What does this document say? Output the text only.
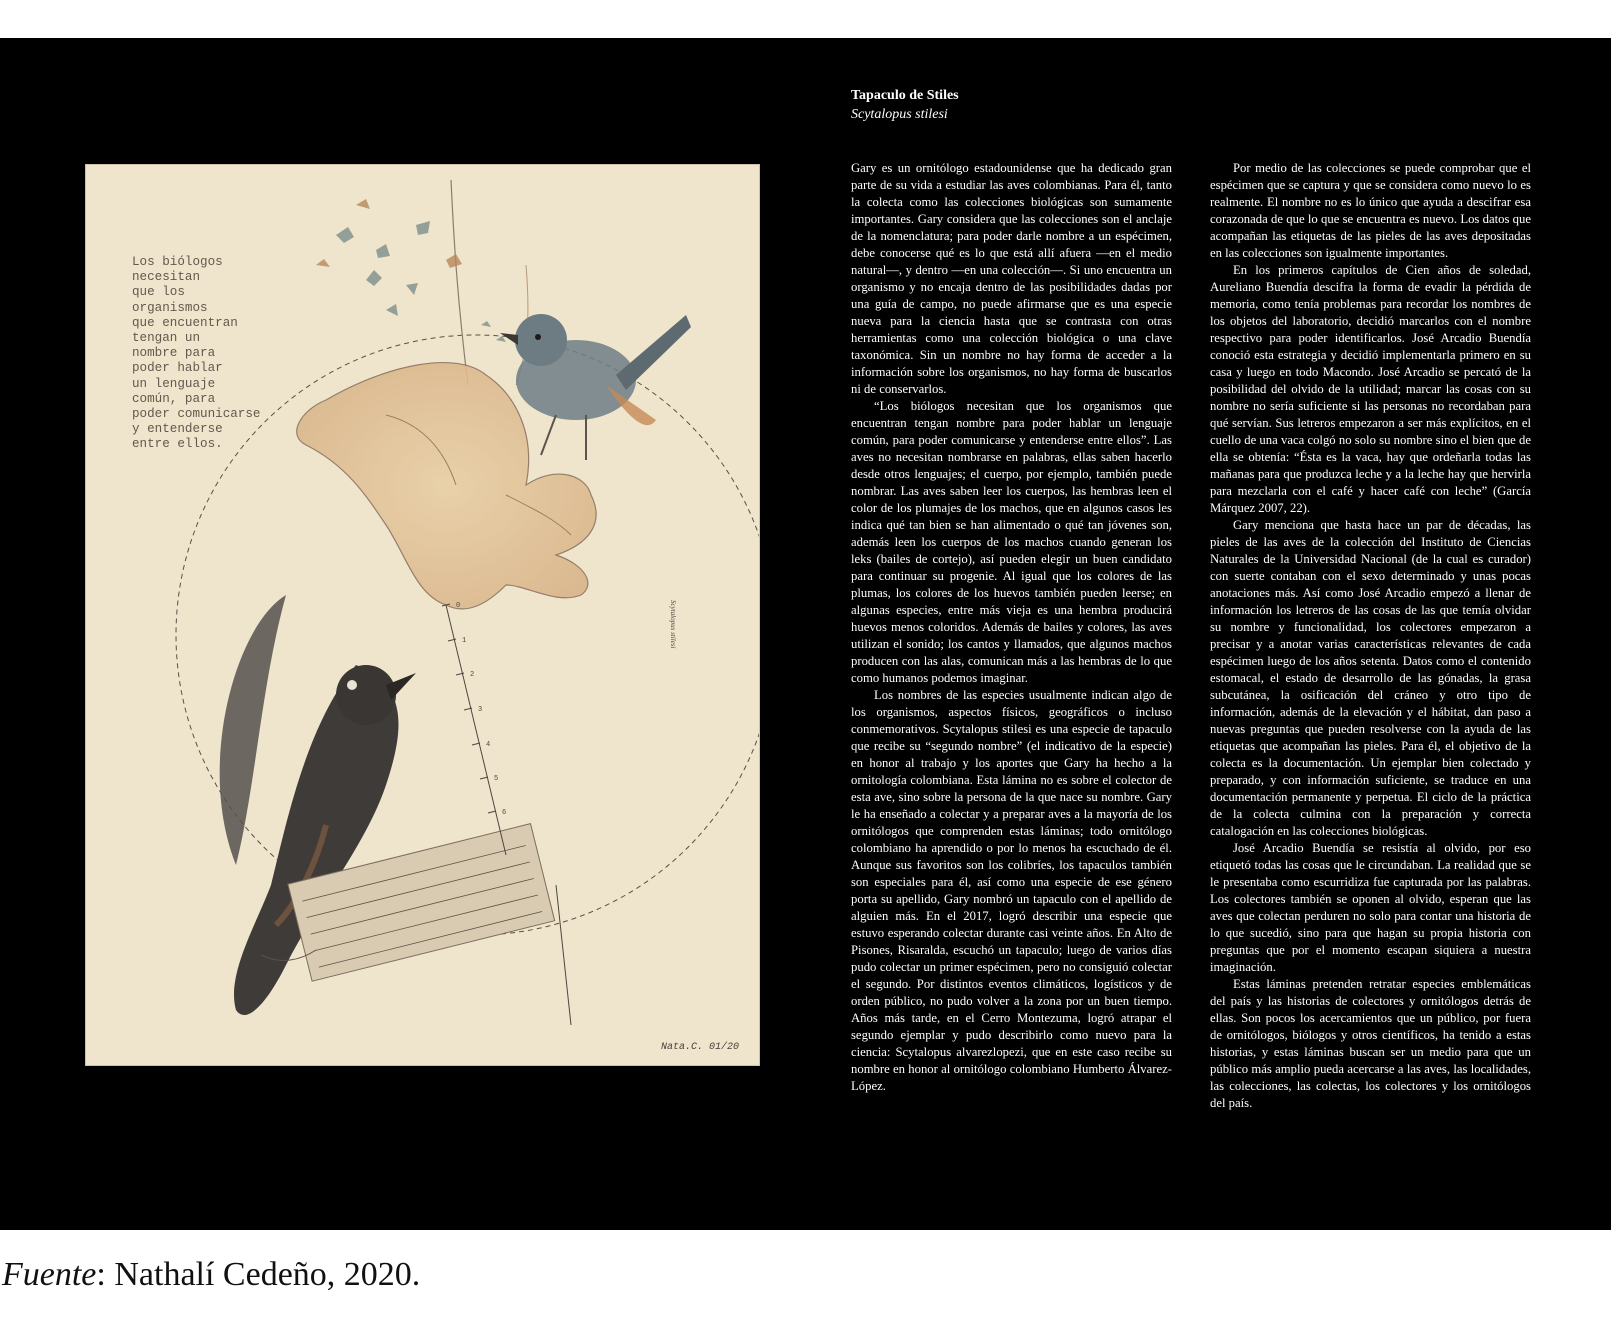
0
1
2
3
4
5
6
Scytalopus stilesi

Los biólogos
necesitan
que los
organismos
que encuentran
tengan un
nombre para
poder hablar
un lenguaje
común, para
poder comunicarse
y entenderse
entre ellos.

Nata.C. 01/20
Tapaculo de Stiles
Scytalopus stilesi

Gary es un ornitólogo estadounidense que ha dedicado gran parte de su vida a estudiar las aves colombianas. Para él, tanto la colecta como las colecciones biológicas son sumamente importantes. Gary considera que las colecciones son el anclaje de la nomenclatura; para poder darle nombre a un espécimen, debe conocerse qué es lo que está allí afuera —en el medio natural—, y dentro —en una colección—. Si uno encuentra un organismo y no encaja dentro de las posibilidades dadas por una guía de campo, no puede afirmarse que es una especie nueva para la ciencia hasta que se contrasta con otras herramientas como una colección biológica o una clave taxonómica. Sin un nombre no hay forma de acceder a la información sobre los organismos, no hay forma de buscarlos ni de conservarlos.

“Los biólogos necesitan que los organismos que encuentran tengan nombre para poder hablar un lenguaje común, para poder comunicarse y entenderse entre ellos”. Las aves no necesitan nombrarse en palabras, ellas saben hacerlo desde otros lenguajes; el cuerpo, por ejemplo, también puede nombrar. Las aves saben leer los cuerpos, las hembras leen el color de los plumajes de los machos, que en algunos casos les indica qué tan bien se han alimentado o qué tan jóvenes son, además leen los cuerpos de los machos cuando generan los leks (bailes de cortejo), así pueden elegir un buen candidato para continuar su progenie. Al igual que los colores de las plumas, los colores de los huevos también pueden leerse; en algunas especies, entre más vieja es una hembra producirá huevos menos coloridos. Además de bailes y colores, las aves utilizan el sonido; los cantos y llamados, que algunos machos producen con las alas, comunican más a las hembras de lo que como humanos podemos imaginar.

Los nombres de las especies usualmente indican algo de los organismos, aspectos físicos, geográficos o incluso conmemorativos. Scytalopus stilesi es una especie de tapaculo que recibe su “segundo nombre” (el indicativo de la especie) en honor al trabajo y los aportes que Gary ha hecho a la ornitología colombiana. Esta lámina no es sobre el colector de esta ave, sino sobre la persona de la que nace su nombre. Gary le ha enseñado a colectar y a preparar aves a la mayoría de los ornitólogos que comprenden estas láminas; todo ornitólogo colombiano ha aprendido o por lo menos ha escuchado de él. Aunque sus favoritos son los colibríes, los tapaculos también son especiales para él, así como una especie de ese género porta su apellido, Gary nombró un tapaculo con el apellido de alguien más. En el 2017, logró describir una especie que estuvo esperando colectar durante casi veinte años. En Alto de Pisones, Risaralda, escuchó un tapaculo; luego de varios días pudo colectar un primer espécimen, pero no consiguió colectar el segundo. Por distintos eventos climáticos, logísticos y de orden público, no pudo volver a la zona por un buen tiempo. Años más tarde, en el Cerro Montezuma, logró atrapar el segundo ejemplar y pudo describirlo como nuevo para la ciencia: Scytalopus alvarezlopezi, que en este caso recibe su nombre en honor al ornitólogo colombiano Humberto Álvarez-López.

Por medio de las colecciones se puede comprobar que el espécimen que se captura y que se considera como nuevo lo es realmente. El nombre no es lo único que ayuda a descifrar esa corazonada de que lo que se encuentra es nuevo. Los datos que acompañan las etiquetas de las pieles de las aves depositadas en las colecciones son igualmente importantes.

En los primeros capítulos de Cien años de soledad, Aureliano Buendía descifra la forma de evadir la pérdida de memoria, como tenía problemas para recordar los nombres de los objetos del laboratorio, decidió marcarlos con el nombre respectivo para poder identificarlos. José Arcadio Buendía conoció esta estrategia y decidió implementarla primero en su casa y luego en todo Macondo. José Arcadio se percató de la posibilidad del olvido de la utilidad; marcar las cosas con su nombre no sería suficiente si las personas no recordaban para qué servían. Sus letreros empezaron a ser más explícitos, en el cuello de una vaca colgó no solo su nombre sino el bien que de ella se obtenía: “Ésta es la vaca, hay que ordeñarla todas las mañanas para que produzca leche y a la leche hay que hervirla para mezclarla con el café y hacer café con leche” (García Márquez 2007, 22).

Gary menciona que hasta hace un par de décadas, las pieles de las aves de la colección del Instituto de Ciencias Naturales de la Universidad Nacional (de la cual es curador) con suerte contaban con el sexo determinado y unas pocas anotaciones más. Así como José Arcadio empezó a llenar de información los letreros de las cosas de las que temía olvidar su nombre y funcionalidad, los colectores empezaron a precisar y a anotar varias características relevantes de cada espécimen luego de los años setenta. Datos como el contenido estomacal, el estado de desarrollo de las gónadas, la grasa subcutánea, la osificación del cráneo y otro tipo de información, además de la elevación y el hábitat, dan paso a nuevas preguntas que pueden resolverse con la ayuda de las etiquetas que acompañan las pieles. Para él, el objetivo de la colecta es la documentación. Un ejemplar bien colectado y preparado, y con información suficiente, se traduce en una documentación permanente y perpetua. El ciclo de la práctica de la colecta culmina con la preparación y correcta catalogación en las colecciones biológicas.

José Arcadio Buendía se resistía al olvido, por eso etiquetó todas las cosas que le circundaban. La realidad que se le presentaba como escurridiza fue capturada por las palabras. Los colectores también se oponen al olvido, esperan que las aves que colectan perduren no solo para contar una historia de lo que sucedió, sino para que hagan su propia historia con preguntas que por el momento escapan siquiera a nuestra imaginación.

Estas láminas pretenden retratar especies emblemáticas del país y las historias de colectores y ornitólogos detrás de ellas. Son pocos los acercamientos que un público, por fuera de ornitólogos, biólogos y otros científicos, ha tenido a estas historias, y estas láminas buscan ser un medio para que un público más amplio pueda acercarse a las aves, las localidades, las colecciones, las colectas, los colectores y los ornitólogos del país.

Fuente: Nathalí Cedeño, 2020.
